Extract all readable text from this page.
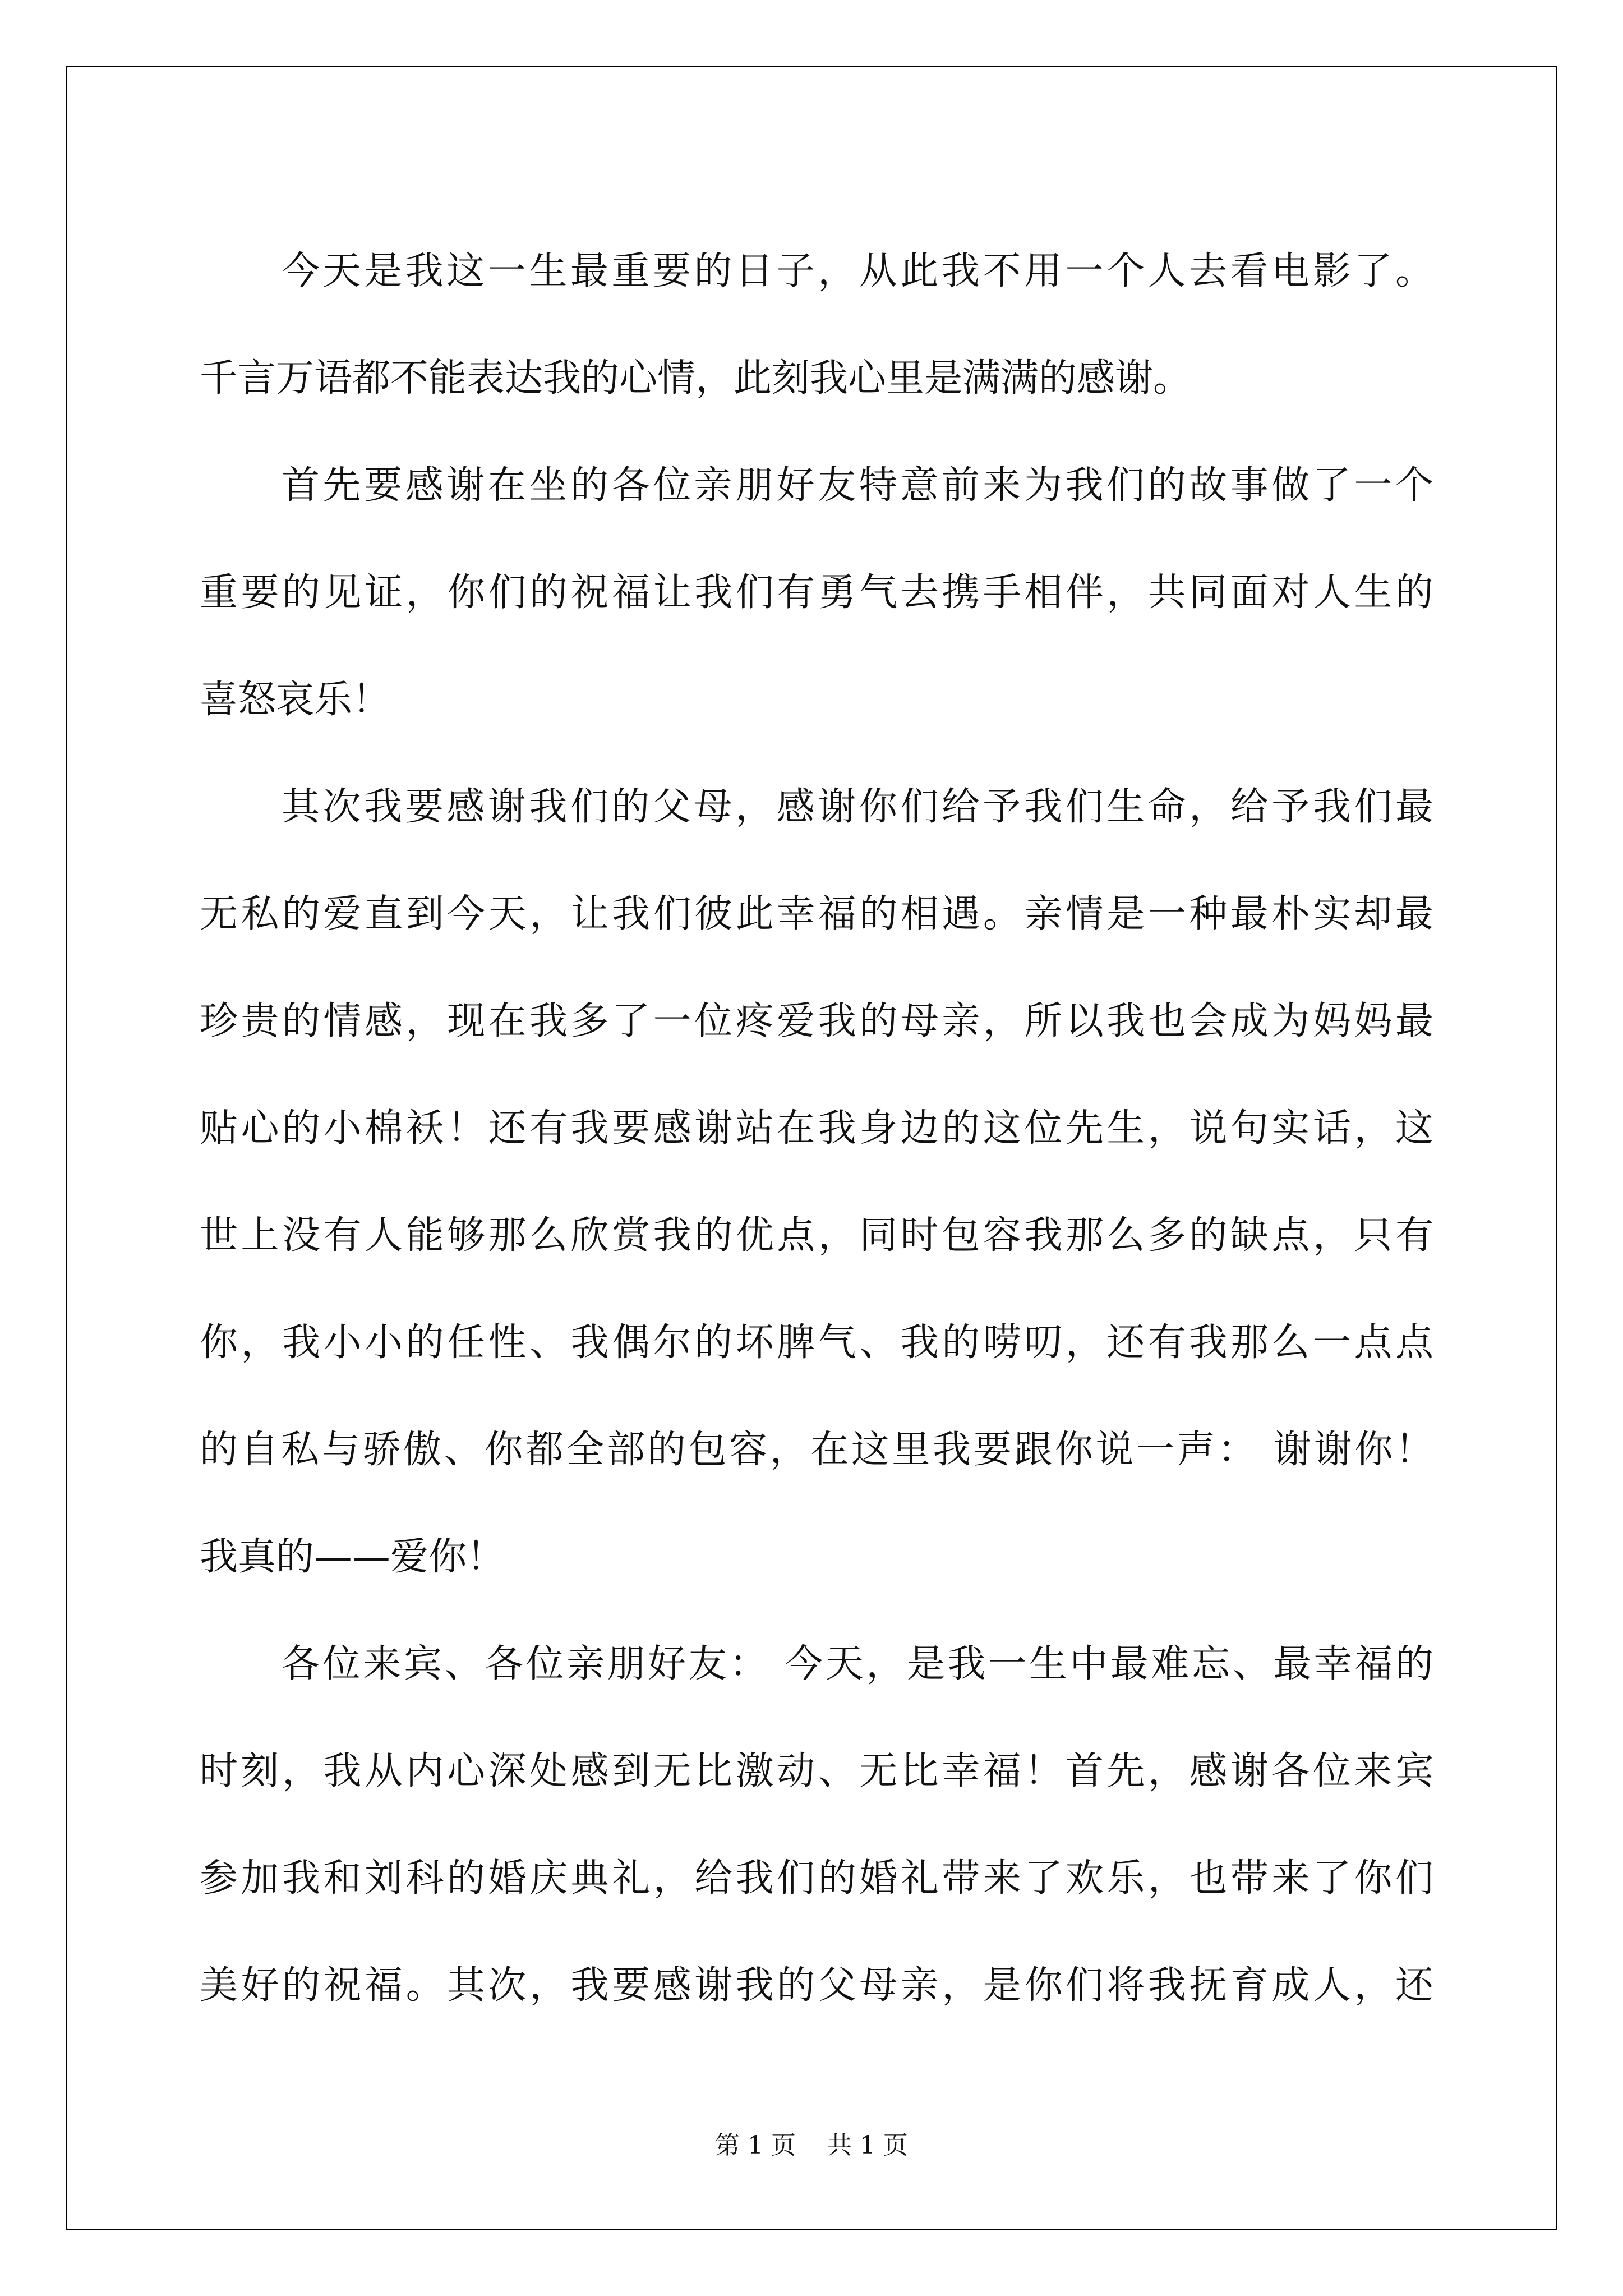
今天是我这一生最重要的日子，从此我不用一个人去看电影了。
千言万语都不能表达我的心情，此刻我心里是满满的感谢。
首先要感谢在坐的各位亲朋好友特意前来为我们的故事做了一个
重要的见证，你们的祝福让我们有勇气去携手相伴，共同面对人生的
喜怒哀乐！
其次我要感谢我们的父母，感谢你们给予我们生命，给予我们最
无私的爱直到今天，让我们彼此幸福的相遇。亲情是一种最朴实却最
珍贵的情感，现在我多了一位疼爱我的母亲，所以我也会成为妈妈最
贴心的小棉袄！还有我要感谢站在我身边的这位先生，说句实话，这
世上没有人能够那么欣赏我的优点，同时包容我那么多的缺点，只有
你，我小小的任性、我偶尔的坏脾气、我的唠叨，还有我那么一点点
的自私与骄傲、你都全部的包容，在这里我要跟你说一声： 谢谢你！
我真的——爱你！
各位来宾、各位亲朋好友： 今天，是我一生中最难忘、最幸福的
时刻，我从内心深处感到无比激动、无比幸福！首先，感谢各位来宾
参加我和刘科的婚庆典礼，给我们的婚礼带来了欢乐，也带来了你们
美好的祝福。其次，我要感谢我的父母亲，是你们将我抚育成人，还
第 1 页 共 1 页
